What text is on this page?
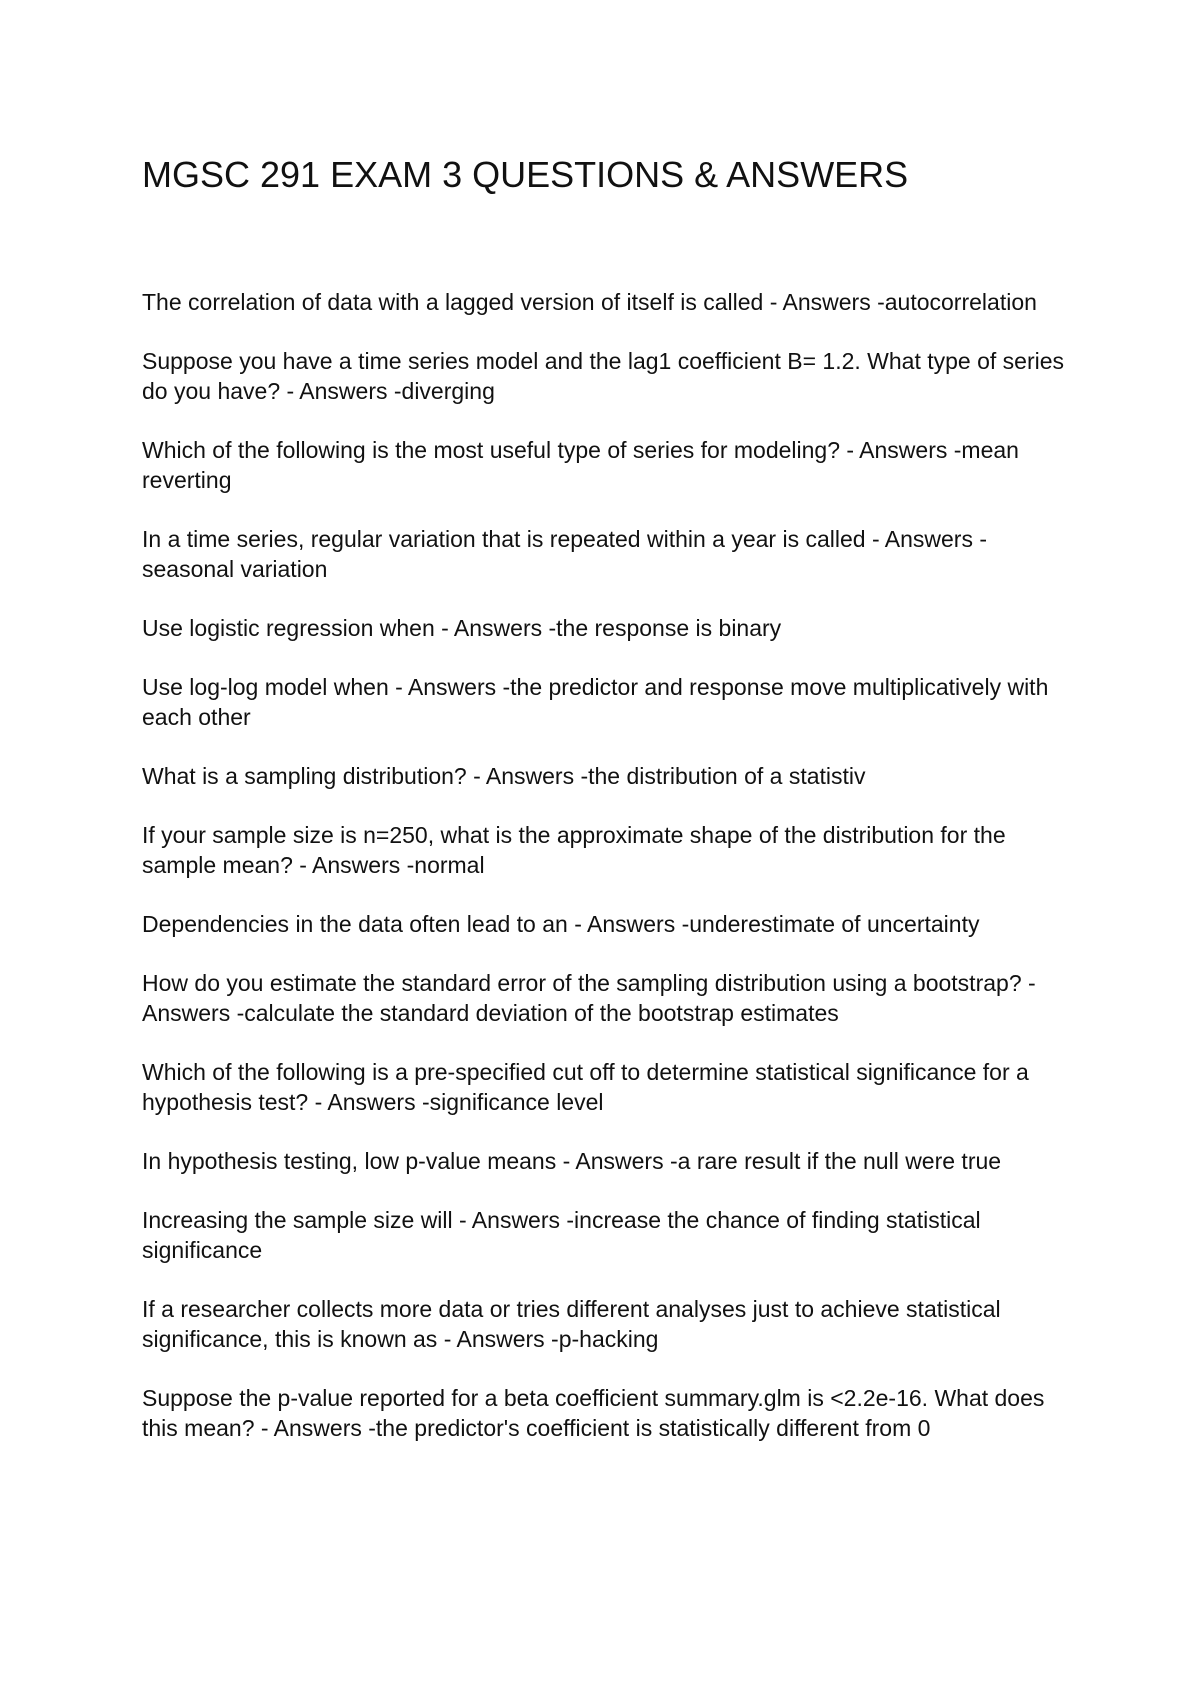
MGSC 291 EXAM 3 QUESTIONS & ANSWERS
The correlation of data with a lagged version of itself is called - Answers -autocorrelation
Suppose you have a time series model and the lag1 coefficient B= 1.2. What type of series do you have? - Answers -diverging
Which of the following is the most useful type of series for modeling? - Answers -mean reverting
In a time series, regular variation that is repeated within a year is called - Answers -seasonal variation
Use logistic regression when - Answers -the response is binary
Use log-log model when - Answers -the predictor and response move multiplicatively with each other
What is a sampling distribution? - Answers -the distribution of a statistiv
If your sample size is n=250, what is the approximate shape of the distribution for the sample mean? - Answers -normal
Dependencies in the data often lead to an - Answers -underestimate of uncertainty
How do you estimate the standard error of the sampling distribution using a bootstrap? - Answers -calculate the standard deviation of the bootstrap estimates
Which of the following is a pre-specified cut off to determine statistical significance for a hypothesis test? - Answers -significance level
In hypothesis testing, low p-value means - Answers -a rare result if the null were true
Increasing the sample size will - Answers -increase the chance of finding statistical significance
If a researcher collects more data or tries different analyses just to achieve statistical significance, this is known as - Answers -p-hacking
Suppose the p-value reported for a beta coefficient summary.glm is <2.2e-16. What does this mean? - Answers -the predictor's coefficient is statistically different from 0
